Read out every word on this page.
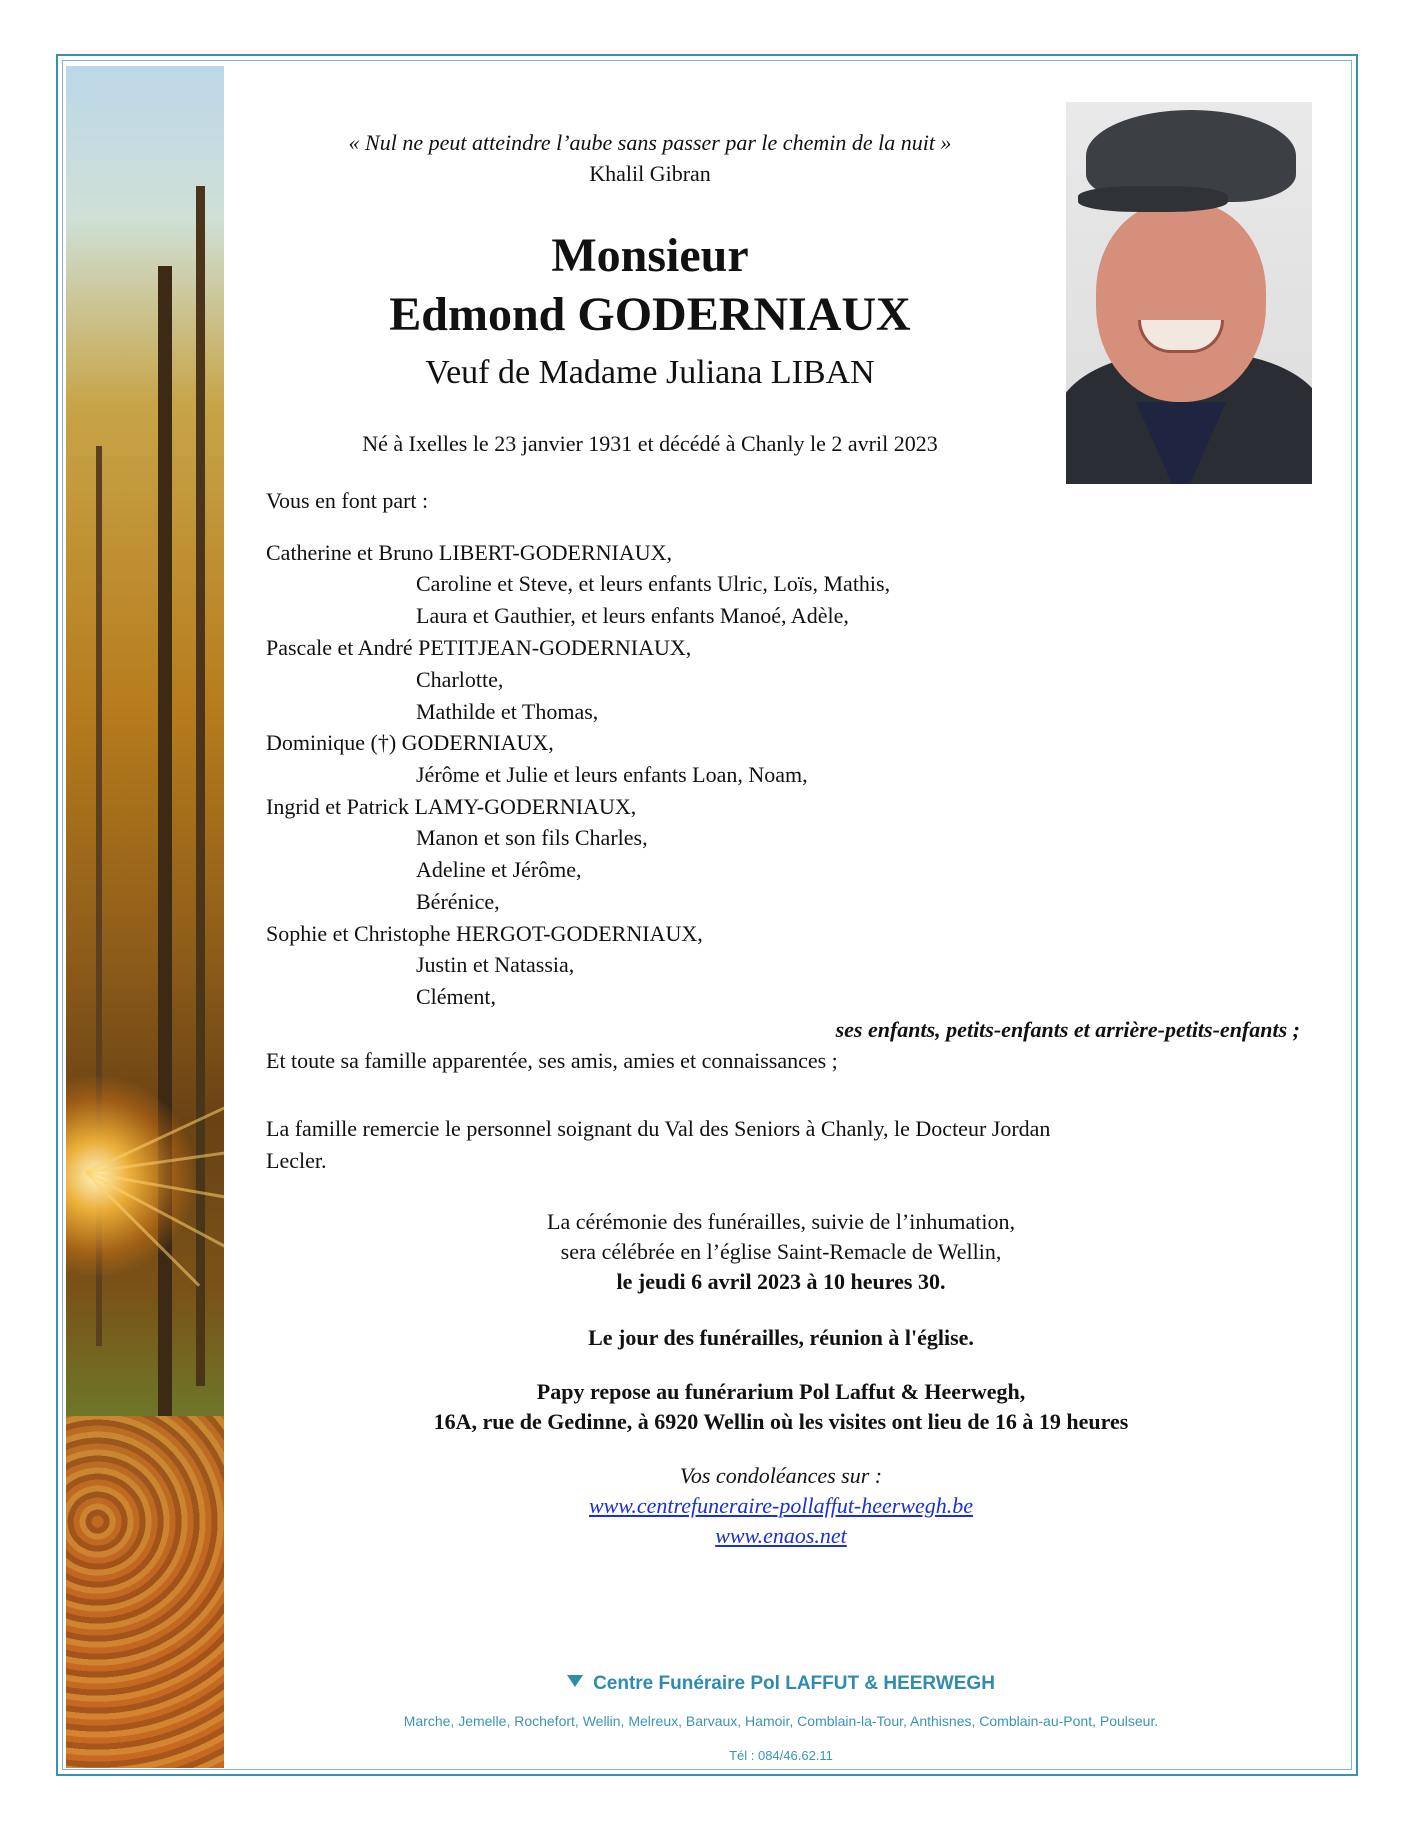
« Nul ne peut atteindre l’aube sans passer par le chemin de la nuit »
Khalil Gibran
Monsieur
Edmond GODERNIAUX
Veuf de Madame Juliana LIBAN
Né à Ixelles le 23 janvier 1931 et décédé à Chanly le 2 avril 2023
Vous en font part :
Catherine et Bruno LIBERT-GODERNIAUX,
Caroline et Steve, et leurs enfants Ulric, Loïs, Mathis,
Laura et Gauthier, et leurs enfants Manoé, Adèle,
Pascale et André PETITJEAN-GODERNIAUX,
Charlotte,
Mathilde et Thomas,
Dominique (†) GODERNIAUX,
Jérôme et Julie et leurs enfants Loan, Noam,
Ingrid et Patrick LAMY-GODERNIAUX,
Manon et son fils Charles,
Adeline et Jérôme,
Bérénice,
Sophie et Christophe HERGOT-GODERNIAUX,
Justin et Natassia,
Clément,
ses enfants, petits-enfants et arrière-petits-enfants ;
Et toute sa famille apparentée, ses amis, amies et connaissances ;
La famille remercie le personnel soignant du Val des Seniors à Chanly, le Docteur Jordan
Lecler.
La cérémonie des funérailles, suivie de l’inhumation,
sera célébrée en l’église Saint-Remacle de Wellin,
le jeudi 6 avril 2023 à 10 heures 30.
Le jour des funérailles, réunion à l'église.
Papy repose au funérarium Pol Laffut & Heerwegh,
16A, rue de Gedinne, à 6920 Wellin où les visites ont lieu de 16 à 19 heures
Vos condoléances sur :
www.centrefuneraire-pollaffut-heerwegh.be
www.enaos.net
Centre Funéraire Pol LAFFUT & HEERWEGH
Marche, Jemelle, Rochefort, Wellin, Melreux, Barvaux, Hamoir, Comblain-la-Tour, Anthisnes, Comblain-au-Pont, Poulseur.
Tél : 084/46.62.11
